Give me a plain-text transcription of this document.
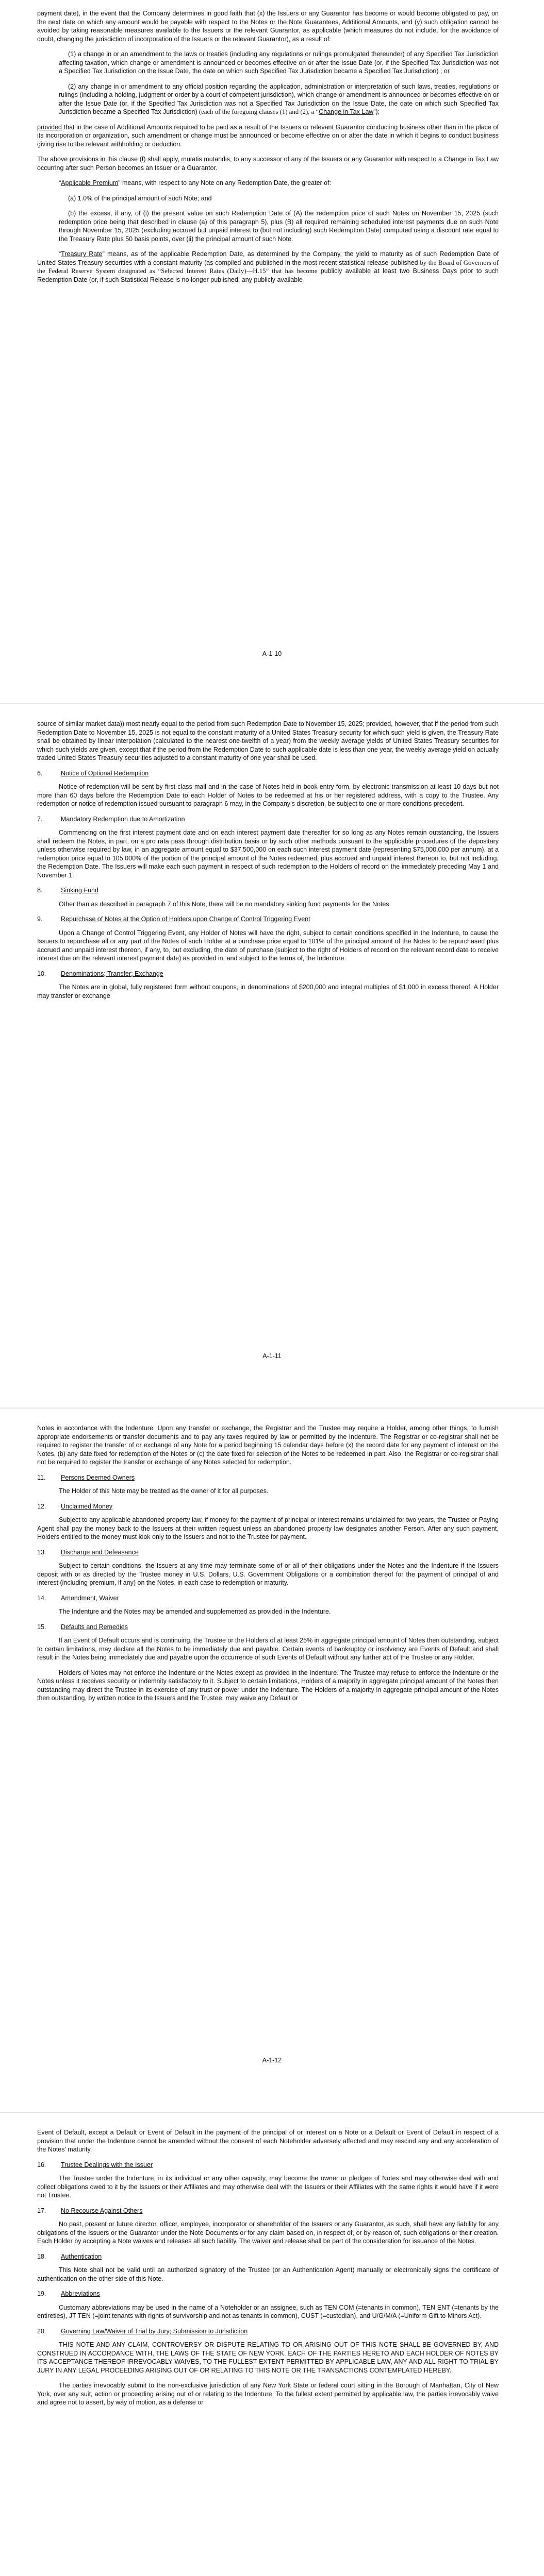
payment date), in the event that the Company determines in good faith that (x) the Issuers or any Guarantor has become or would become obligated to pay, on the next date on which any amount would be payable with respect to the Notes or the Note Guarantees, Additional Amounts, and (y) such obligation cannot be avoided by taking reasonable measures available to the Issuers or the relevant Guarantor, as applicable (which measures do not include, for the avoidance of doubt, changing the jurisdiction of incorporation of the Issuers or the relevant Guarantor), as a result of:

(1) a change in or an amendment to the laws or treaties (including any regulations or rulings promulgated thereunder) of any Specified Tax Jurisdiction affecting taxation, which change or amendment is announced or becomes effective on or after the Issue Date (or, if the Specified Tax Jurisdiction was not a Specified Tax Jurisdiction on the Issue Date, the date on which such Specified Tax Jurisdiction became a Specified Tax Jurisdiction) ; or

(2) any change in or amendment to any official position regarding the application, administration or interpretation of such laws, treaties, regulations or rulings (including a holding, judgment or order by a court of competent jurisdiction), which change or amendment is announced or becomes effective on or after the Issue Date (or, if the Specified Tax Jurisdiction was not a Specified Tax Jurisdiction on the Issue Date, the date on which such Specified Tax Jurisdiction became a Specified Tax Jurisdiction) (each of the foregoing clauses (1) and (2), a “Change in Tax Law”);

provided that in the case of Additional Amounts required to be paid as a result of the Issuers or relevant Guarantor conducting business other than in the place of its incorporation or organization, such amendment or change must be announced or become effective on or after the date in which it begins to conduct business giving rise to the relevant withholding or deduction.

The above provisions in this clause (f) shall apply, mutatis mutandis, to any successor of any of the Issuers or any Guarantor with respect to a Change in Tax Law occurring after such Person becomes an Issuer or a Guarantor.

“Applicable Premium” means, with respect to any Note on any Redemption Date, the greater of:

(a) 1.0% of the principal amount of such Note; and

(b) the excess, if any, of (i) the present value on such Redemption Date of (A) the redemption price of such Notes on November 15, 2025 (such redemption price being that described in clause (a) of this paragraph 5), plus (B) all required remaining scheduled interest payments due on such Note through November 15, 2025 (excluding accrued but unpaid interest to (but not including) such Redemption Date) computed using a discount rate equal to the Treasury Rate plus 50 basis points, over (ii) the principal amount of such Note.

“Treasury Rate” means, as of the applicable Redemption Date, as determined by the Company, the yield to maturity as of such Redemption Date of United States Treasury securities with a constant maturity (as compiled and published in the most recent statistical release published by the Board of Governors of the Federal Reserve System designated as “Selected Interest Rates (Daily)—H.15” that has become publicly available at least two Business Days prior to such Redemption Date (or, if such Statistical Release is no longer published, any publicly available

A-1-10

source of similar market data)) most nearly equal to the period from such Redemption Date to November 15, 2025; provided, however, that if the period from such Redemption Date to November 15, 2025 is not equal to the constant maturity of a United States Treasury security for which such yield is given, the Treasury Rate shall be obtained by linear interpolation (calculated to the nearest one-twelfth of a year) from the weekly average yields of United States Treasury securities for which such yields are given, except that if the period from the Redemption Date to such applicable date is less than one year, the weekly average yield on actually traded United States Treasury securities adjusted to a constant maturity of one year shall be used.

6.	Notice of Optional Redemption

Notice of redemption will be sent by first-class mail and in the case of Notes held in book-entry form, by electronic transmission at least 10 days but not more than 60 days before the Redemption Date to each Holder of Notes to be redeemed at his or her registered address, with a copy to the Trustee. Any redemption or notice of redemption issued pursuant to paragraph 6 may, in the Company’s discretion, be subject to one or more conditions precedent.

7.	Mandatory Redemption due to Amortization

Commencing on the first interest payment date and on each interest payment date thereafter for so long as any Notes remain outstanding, the Issuers shall redeem the Notes, in part, on a pro rata pass through distribution basis or by such other methods pursuant to the applicable procedures of the depositary unless otherwise required by law, in an aggregate amount equal to $37,500,000 on each such interest payment date (representing $75,000,000 per annum), at a redemption price equal to 105.000% of the portion of the principal amount of the Notes redeemed, plus accrued and unpaid interest thereon to, but not including, the Redemption Date. The Issuers will make each such payment in respect of such redemption to the Holders of record on the immediately preceding May 1 and November 1.

8.	Sinking Fund

Other than as described in paragraph 7 of this Note, there will be no mandatory sinking fund payments for the Notes.

9.	Repurchase of Notes at the Option of Holders upon Change of Control Triggering Event

Upon a Change of Control Triggering Event, any Holder of Notes will have the right, subject to certain conditions specified in the Indenture, to cause the Issuers to repurchase all or any part of the Notes of such Holder at a purchase price equal to 101% of the principal amount of the Notes to be repurchased plus accrued and unpaid interest thereon, if any, to, but excluding, the date of purchase (subject to the right of Holders of record on the relevant record date to receive interest due on the relevant interest payment date) as provided in, and subject to the terms of, the Indenture.

10. Denominations; Transfer; Exchange

The Notes are in global, fully registered form without coupons, in denominations of $200,000 and integral multiples of $1,000 in excess thereof. A Holder may transfer or exchange

A-1-11

Notes in accordance with the Indenture. Upon any transfer or exchange, the Registrar and the Trustee may require a Holder, among other things, to furnish appropriate endorsements or transfer documents and to pay any taxes required by law or permitted by the Indenture. The Registrar or co-registrar shall not be required to register the transfer of or exchange of any Note for a period beginning 15 calendar days before (x) the record date for any payment of interest on the Notes, (b) any date fixed for redemption of the Notes or (c) the date fixed for selection of the Notes to be redeemed in part. Also, the Registrar or co-registrar shall not be required to register the transfer or exchange of any Notes selected for redemption.

11. Persons Deemed Owners

The Holder of this Note may be treated as the owner of it for all purposes.

12. Unclaimed Money

Subject to any applicable abandoned property law, if money for the payment of principal or interest remains unclaimed for two years, the Trustee or Paying Agent shall pay the money back to the Issuers at their written request unless an abandoned property law designates another Person. After any such payment, Holders entitled to the money must look only to the Issuers and not to the Trustee for payment.

13. Discharge and Defeasance

Subject to certain conditions, the Issuers at any time may terminate some of or all of their obligations under the Notes and the Indenture if the Issuers deposit with or as directed by the Trustee money in U.S. Dollars, U.S. Government Obligations or a combination thereof for the payment of principal of and interest (including premium, if any) on the Notes, in each case to redemption or maturity.

14. Amendment, Waiver

The Indenture and the Notes may be amended and supplemented as provided in the Indenture.

15. Defaults and Remedies

If an Event of Default occurs and is continuing, the Trustee or the Holders of at least 25% in aggregate principal amount of Notes then outstanding, subject to certain limitations, may declare all the Notes to be immediately due and payable. Certain events of bankruptcy or insolvency are Events of Default and shall result in the Notes being immediately due and payable upon the occurrence of such Events of Default without any further act of the Trustee or any Holder.

Holders of Notes may not enforce the Indenture or the Notes except as provided in the Indenture. The Trustee may refuse to enforce the Indenture or the Notes unless it receives security or indemnity satisfactory to it. Subject to certain limitations, Holders of a majority in aggregate principal amount of the Notes then outstanding may direct the Trustee in its exercise of any trust or power under the Indenture. The Holders of a majority in aggregate principal amount of the Notes then outstanding, by written notice to the Issuers and the Trustee, may waive any Default or

A-1-12

Event of Default, except a Default or Event of Default in the payment of the principal of or interest on a Note or a Default or Event of Default in respect of a provision that under the Indenture cannot be amended without the consent of each Noteholder adversely affected and may rescind any and any acceleration of the Notes’ maturity.

16. Trustee Dealings with the Issuer

The Trustee under the Indenture, in its individual or any other capacity, may become the owner or pledgee of Notes and may otherwise deal with and collect obligations owed to it by the Issuers or their Affiliates and may otherwise deal with the Issuers or their Affiliates with the same rights it would have if it were not Trustee.

17. No Recourse Against Others

No past, present or future director, officer, employee, incorporator or shareholder of the Issuers or any Guarantor, as such, shall have any liability for any obligations of the Issuers or the Guarantor under the Note Documents or for any claim based on, in respect of, or by reason of, such obligations or their creation. Each Holder by accepting a Note waives and releases all such liability. The waiver and release shall be part of the consideration for issuance of the Notes.

18. Authentication

This Note shall not be valid until an authorized signatory of the Trustee (or an Authentication Agent) manually or electronically signs the certificate of authentication on the other side of this Note.

19. Abbreviations

Customary abbreviations may be used in the name of a Noteholder or an assignee, such as TEN COM (=tenants in common), TEN ENT (=tenants by the entireties), JT TEN (=joint tenants with rights of survivorship and not as tenants in common), CUST (=custodian), and U/G/M/A (=Uniform Gift to Minors Act).

20. Governing Law/Waiver of Trial by Jury; Submission to Jurisdiction

THIS NOTE AND ANY CLAIM, CONTROVERSY OR DISPUTE RELATING TO OR ARISING OUT OF THIS NOTE SHALL BE GOVERNED BY, AND CONSTRUED IN ACCORDANCE WITH, THE LAWS OF THE STATE OF NEW YORK. EACH OF THE PARTIES HERETO AND EACH HOLDER OF NOTES BY ITS ACCEPTANCE THEREOF IRREVOCABLY WAIVES, TO THE FULLEST EXTENT PERMITTED BY APPLICABLE LAW, ANY AND ALL RIGHT TO TRIAL BY JURY IN ANY LEGAL PROCEEDING ARISING OUT OF OR RELATING TO THIS NOTE OR THE TRANSACTIONS CONTEMPLATED HEREBY.

The parties irrevocably submit to the non-exclusive jurisdiction of any New York State or federal court sitting in the Borough of Manhattan, City of New York, over any suit, action or proceeding arising out of or relating to the Indenture. To the fullest extent permitted by applicable law, the parties irrevocably waive and agree not to assert, by way of motion, as a defense or
